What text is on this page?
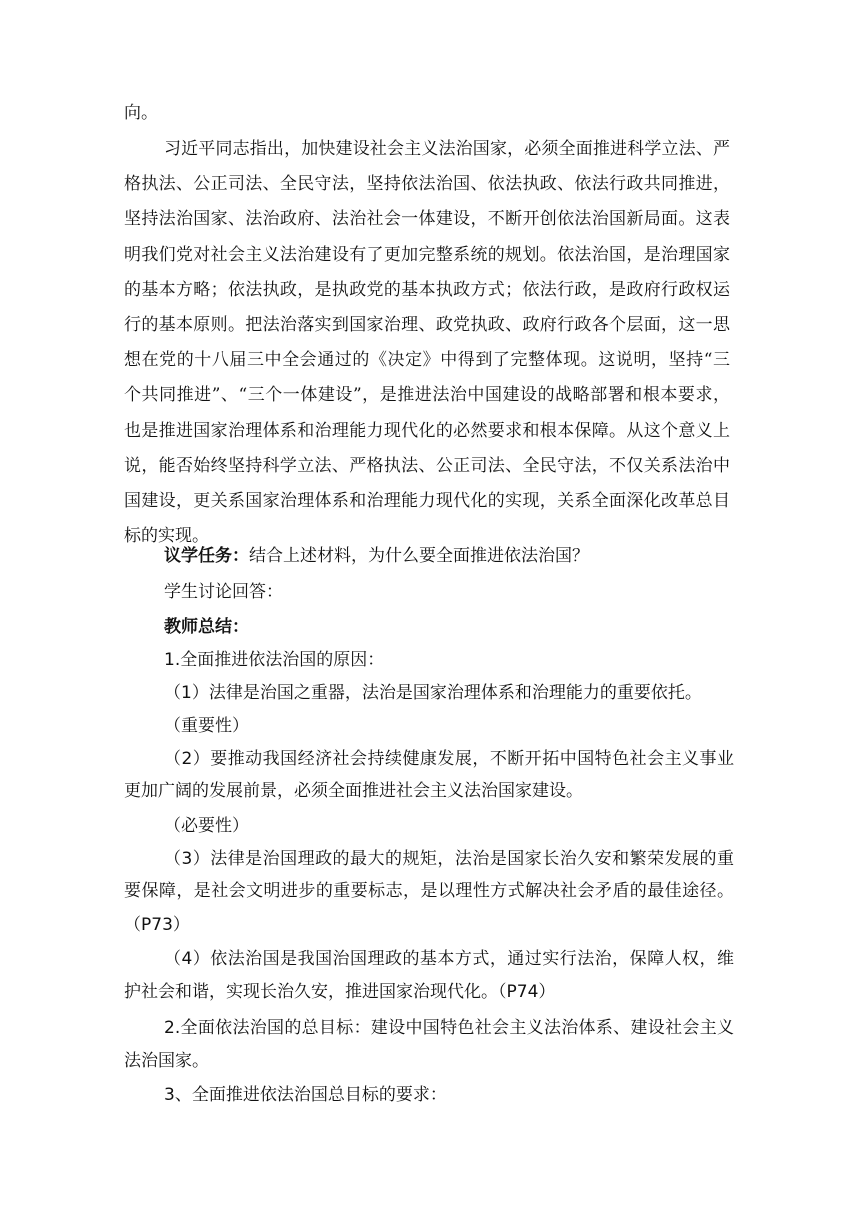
向。
习近平同志指出，加快建设社会主义法治国家，必须全面推进科学立法、严
格执法、公正司法、全民守法，坚持依法治国、依法执政、依法行政共同推进，
坚持法治国家、法治政府、法治社会一体建设，不断开创依法治国新局面。这表
明我们党对社会主义法治建设有了更加完整系统的规划。依法治国，是治理国家
的基本方略；依法执政，是执政党的基本执政方式；依法行政，是政府行政权运
行的基本原则。把法治落实到国家治理、政党执政、政府行政各个层面，这一思
想在党的十八届三中全会通过的《决定》中得到了完整体现。这说明，坚持“三
个共同推进”、“三个一体建设”，是推进法治中国建设的战略部署和根本要求，
也是推进国家治理体系和治理能力现代化的必然要求和根本保障。从这个意义上
说，能否始终坚持科学立法、严格执法、公正司法、全民守法，不仅关系法治中
国建设，更关系国家治理体系和治理能力现代化的实现，关系全面深化改革总目
标的实现。
议学任务：结合上述材料，为什么要全面推进依法治国？
学生讨论回答：
教师总结：
1.全面推进依法治国的原因：
（1）法律是治国之重器，法治是国家治理体系和治理能力的重要依托。
（重要性）
（2）要推动我国经济社会持续健康发展，不断开拓中国特色社会主义事业
更加广阔的发展前景，必须全面推进社会主义法治国家建设。
（必要性）
（3）法律是治国理政的最大的规矩，法治是国家长治久安和繁荣发展的重
要保障，是社会文明进步的重要标志，是以理性方式解决社会矛盾的最佳途径。
（P73）
（4）依法治国是我国治国理政的基本方式，通过实行法治，保障人权，维
护社会和谐，实现长治久安，推进国家治现代化。（P74）
2.全面依法治国的总目标：建设中国特色社会主义法治体系、建设社会主义
法治国家。
3、全面推进依法治国总目标的要求：
